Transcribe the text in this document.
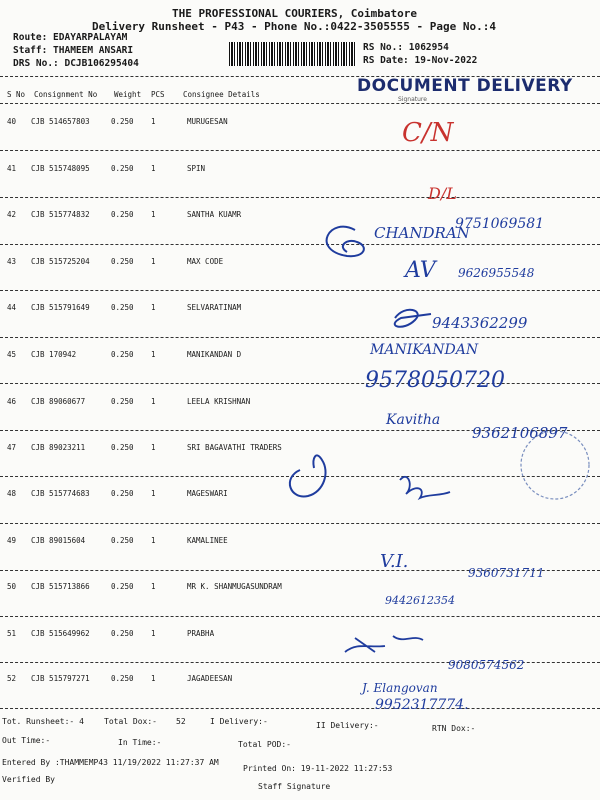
THE PROFESSIONAL COURIERS, Coimbatore
Delivery Runsheet - P43 - Phone No.:0422-3505555 - Page No.:4
Route: EDAYARPALAYAM
Staff: THAMEEM ANSARI
DRS No.: DCJB106295404
RS No.: 1062954
RS Date: 19-Nov-2022
S No Consignment No Weight PCS Consignee Details	DOCUMENT DELIVERY
Signature
40 CJB 514657803	0.250 1	MURUGESAN
41 CJB 515748095	0.250 1	SPIN
42 CJB 515774832	0.250 1	SANTHA KUAMR
43 CJB 515725204	0.250 1	MAX CODE
44 CJB 515791649	0.250 1	SELVARATINAM
45 CJB 170942	0.250 1	MANIKANDAN D
46 CJB 89060677	0.250 1	LEELA KRISHNAN
47 CJB 89023211	0.250 1	SRI BAGAVATHI TRADERS
48 CJB 515774683	0.250 1	MAGESWARI
49 CJB 89015604	0.250 1	KAMALINEE
50 CJB 515713866	0.250 1	MR K. SHANMUGASUNDRAM
51 CJB 515649962	0.250 1	PRABHA
52 CJB 515797271	0.250 1	JAGADEESAN
C/N
D/L
CHANDRAN
9751069581
AV 9626955548
9443362299
MANIKANDAN
9578050720
Kavitha
9362106897
V.I.
9360731711
9442612354
9080574562
J. Elangovan
9952317774.
Tot. Runsheet:- 4	Total Dox:- 52	I Delivery:-	II Delivery:-	RTN Dox:-
Out Time:-	In Time:-	Total POD:-
Entered By :THAMMEMP43 11/19/2022 11:27:37 AM
Printed On: 19-11-2022 11:27:53
Verified By
Staff Signature
